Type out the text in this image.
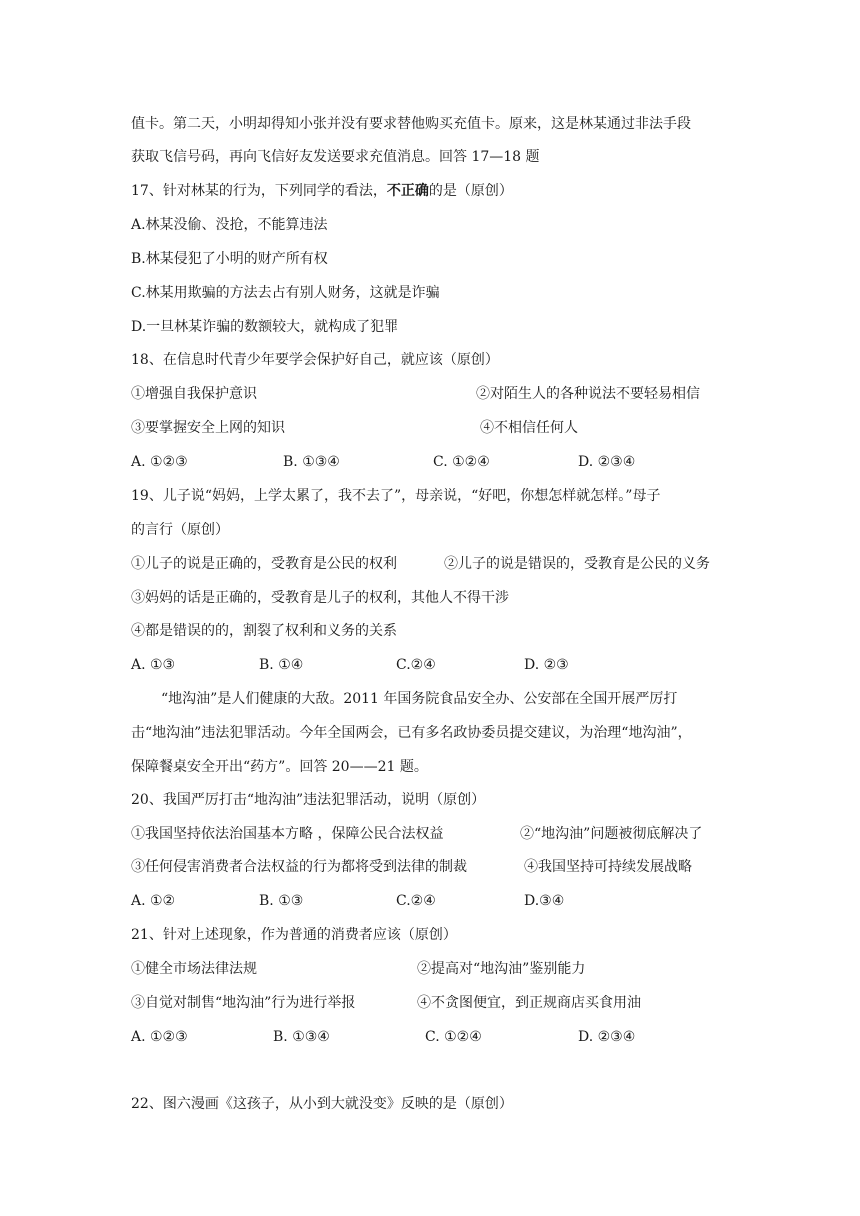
值卡。第二天，小明却得知小张并没有要求替他购买充值卡。原来，这是林某通过非法手段
获取飞信号码，再向飞信好友发送要求充值消息。回答 17—18 题
17、针对林某的行为，下列同学的看法，不正确的是（原创）
A.林某没偷、没抢，不能算违法
B.林某侵犯了小明的财产所有权
C.林某用欺骗的方法去占有别人财务，这就是诈骗
D.一旦林某诈骗的数额较大，就构成了犯罪
18、在信息时代青少年要学会保护好自己，就应该（原创）
①增强自我保护意识	②对陌生人的各种说法不要轻易相信
③要掌握安全上网的知识	④不相信任何人
A. ①②③	B. ①③④	C. ①②④	D. ②③④
19、儿子说“妈妈，上学太累了，我不去了”，母亲说，“好吧，你想怎样就怎样。”母子
的言行（原创）
①儿子的说是正确的，受教育是公民的权利	②儿子的说是错误的，受教育是公民的义务
③妈妈的话是正确的，受教育是儿子的权利，其他人不得干涉
④都是错误的的，割裂了权利和义务的关系
A. ①③	B. ①④	C.②④	D. ②③
“地沟油”是人们健康的大敌。2011 年国务院食品安全办、公安部在全国开展严厉打
击“地沟油”违法犯罪活动。今年全国两会，已有多名政协委员提交建议，为治理“地沟油”，
保障餐桌安全开出“药方”。回答 20——21 题。
20、我国严厉打击“地沟油”违法犯罪活动，说明（原创）
①我国坚持依法治国基本方略 ，保障公民合法权益	②“地沟油”问题被彻底解决了
③任何侵害消费者合法权益的行为都将受到法律的制裁	④我国坚持可持续发展战略
A. ①②	B. ①③	C.②④	D.③④
21、针对上述现象，作为普通的消费者应该（原创）
①健全市场法律法规	②提高对“地沟油”鉴别能力
③自觉对制售“地沟油”行为进行举报	④不贪图便宜，到正规商店买食用油
A. ①②③	B. ①③④	C. ①②④	D. ②③④
22、图六漫画《这孩子，从小到大就没变》反映的是（原创）
